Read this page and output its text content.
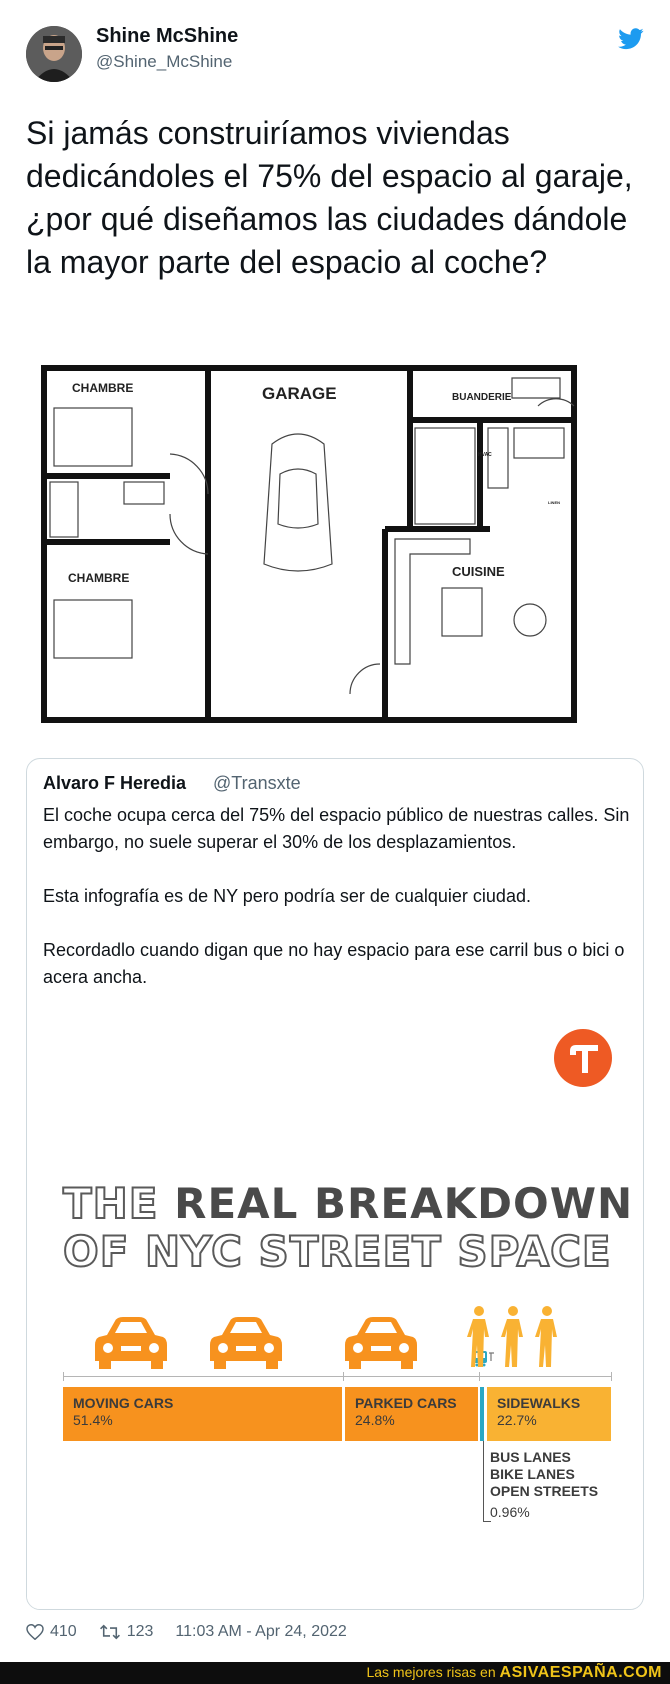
Shine McShine
@Shine_McShine
Si jamás construiríamos viviendas dedicándoles el 75% del espacio al garaje, ¿por qué diseñamos las ciudades dándole la mayor parte del espacio al coche?
CHAMBRE	GARAGE	BUANDERIE
CHAMBRE	CUISINE
HVAC
LINEN
Alvaro F Heredia @Transxte

El coche ocupa cerca del 75% del espacio público de nuestras calles. Sin embargo, no suele superar el 30% de los desplazamientos.

Esta infografía es de NY pero podría ser de cualquier ciudad.

Recordadlo cuando digan que no hay espacio para ese carril bus o bici o acera ancha.

THE REAL BREAKDOWN
OF NYC STREET SPACE
MOVING CARS
51.4%
PARKED CARS
24.8%
SIDEWALKS
22.7%
BUS LANES
BIKE LANES
OPEN STREETS
0.96%
410	123 11:03 AM - Apr 24, 2022
Las mejores risas en ASIVAESPAÑA.COM
